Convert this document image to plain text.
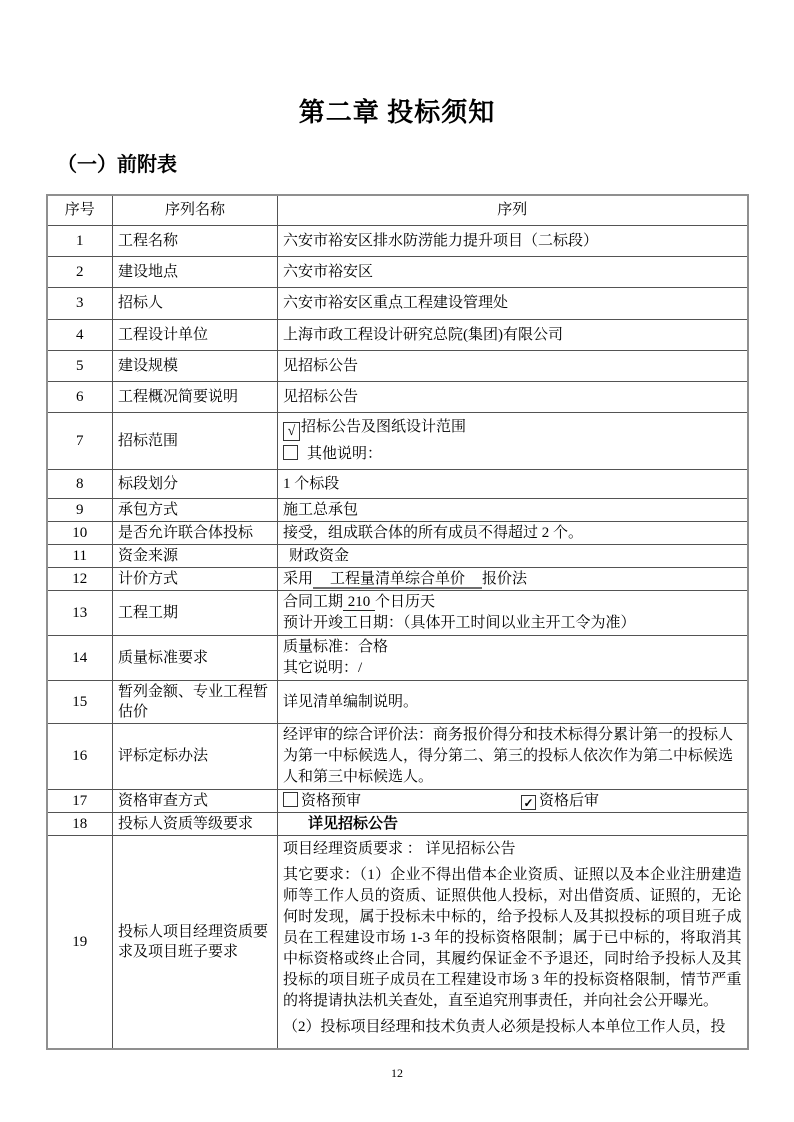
第二章 投标须知
（一）前附表
序号	序列名称	序列
1	工程名称	六安市裕安区排水防涝能力提升项目（二标段）
2	建设地点	六安市裕安区
3	招标人	六安市裕安区重点工程建设管理处
4	工程设计单位	上海市政工程设计研究总院(集团)有限公司
5	建设规模	见招标公告
6	工程概况简要说明	见招标公告
7	招标范围	√ 招标公告及图纸设计范围
其他说明：

8	标段划分	1 个标段
9	承包方式	施工总承包
10	是否允许联合体投标	接受，组成联合体的所有成员不得超过 2 个。
11	资金来源	财政资金
12	计价方式	采用　工程量清单综合单价　报价法
13	工程工期	合同工期 210 个日历天
预计开竣工日期：（具体开工时间以业主开工令为准）

14	质量标准要求	质量标准：合格
其它说明：/

15	暂列金额、专业工程暂估价	详见清单编制说明。
16	评标定标办法	经评审的综合评价法：商务报价得分和技术标得分累计第一的投标人为第一中标候选人，得分第二、第三的投标人依次作为第二中标候选人和第三中标候选人。
17	资格审查方式	资格预审 ✓ 资格后审
18	投标人资质等级要求	详见招标公告
19	投标人项目经理资质要求及项目班子要求	项目经理资质要求 ： 详见招标公告

其它要求：（1）企业不得出借本企业资质、证照以及本企业注册建造师等工作人员的资质、证照供他人投标，对出借资质、证照的，无论何时发现，属于投标未中标的，给予投标人及其拟投标的项目班子成员在工程建设市场 1-3 年的投标资格限制；属于已中标的，将取消其中标资格或终止合同，其履约保证金不予退还，同时给予投标人及其投标的项目班子成员在工程建设市场 3 年的投标资格限制，情节严重的将提请执法机关查处，直至追究刑事责任，并向社会公开曝光。

（2）投标项目经理和技术负责人必须是投标人本单位工作人员，投

12
